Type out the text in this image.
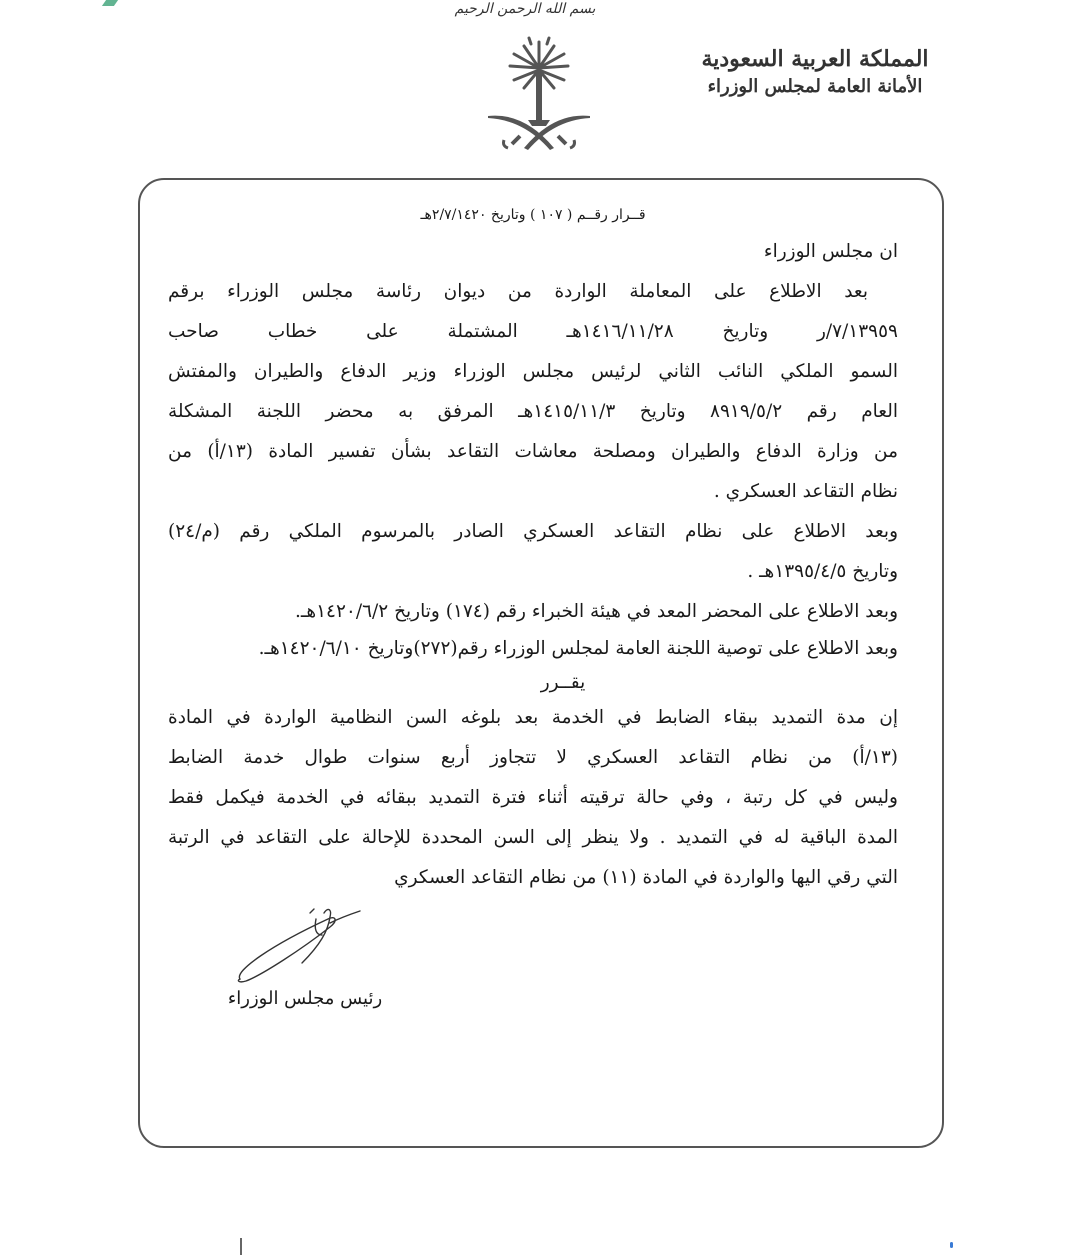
بسم الله الرحمن الرحيم
المملكة العربية السعودية
الأمانة العامة لمجلس الوزراء
قــرار رقــم ( ١٠٧ ) وتاريخ ٢/٧/١٤٢٠هـ
ان مجلس الوزراء
بعد الاطلاع على المعاملة الواردة من ديوان رئاسة مجلس الوزراء برقم
٧/١٣٩٥٩/ر وتاريخ ١٤١٦/١١/٢٨هـ المشتملة على خطاب صاحب
السمو الملكي النائب الثاني لرئيس مجلس الوزراء وزير الدفاع والطيران والمفتش
العام رقم ٨٩١٩/٥/٢ وتاريخ ١٤١٥/١١/٣هـ المرفق به محضر اللجنة المشكلة
من وزارة الدفاع والطيران ومصلحة معاشات التقاعد بشأن تفسير المادة (١٣/أ) من
نظام التقاعد العسكري .
وبعد الاطلاع على نظام التقاعد العسكري الصادر بالمرسوم الملكي رقم (م/٢٤)
وتاريخ ١٣٩٥/٤/٥هـ .
وبعد الاطلاع على المحضر المعد في هيئة الخبراء رقم (١٧٤) وتاريخ ١٤٢٠/٦/٢هـ.
وبعد الاطلاع على توصية اللجنة العامة لمجلس الوزراء رقم(٢٧٢)وتاريخ ١٤٢٠/٦/١٠هـ.
يقــرر
إن مدة التمديد ببقاء الضابط في الخدمة بعد بلوغه السن النظامية الواردة في المادة
(١٣/أ) من نظام التقاعد العسكري لا تتجاوز أربع سنوات طوال خدمة الضابط
وليس في كل رتبة ، وفي حالة ترقيته أثناء فترة التمديد ببقائه في الخدمة فيكمل فقط
المدة الباقية له في التمديد . ولا ينظر إلى السن المحددة للإحالة على التقاعد في الرتبة
التي رقي اليها والواردة في المادة (١١) من نظام التقاعد العسكري
رئيس مجلس الوزراء
